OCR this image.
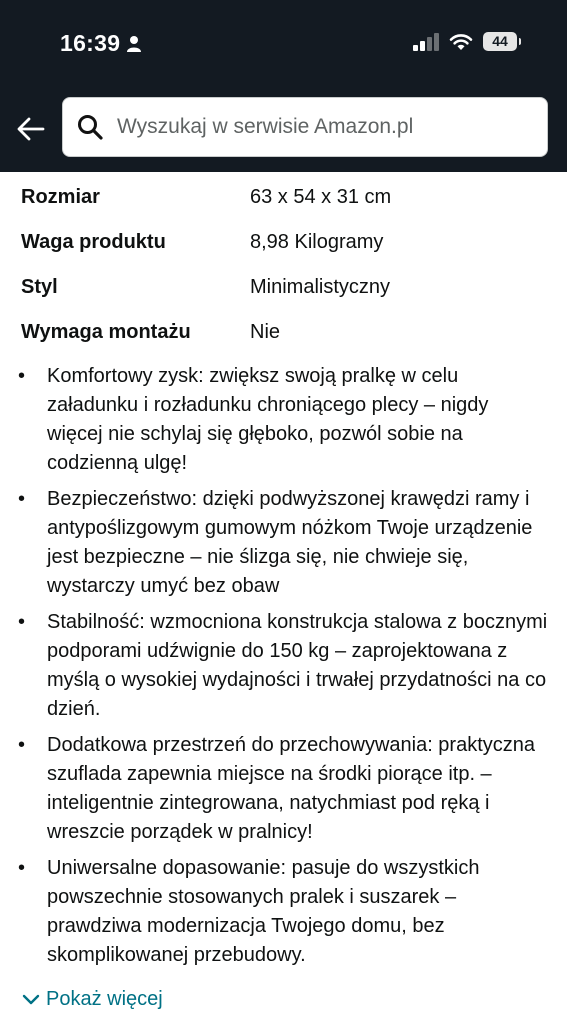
16:39	44
Wyszukaj w serwisie Amazon.pl
Rozmiar	63 x 54 x 31 cm
Waga produktu	8,98 Kilogramy
Styl	Minimalistyczny
Wymaga montażu	Nie
•	Komfortowy zysk: zwiększ swoją pralkę w celu załadunku i rozładunku chroniącego plecy – nigdy więcej nie schylaj się głęboko, pozwól sobie na codzienną ulgę!
•	Bezpieczeństwo: dzięki podwyższonej krawędzi ramy i antypoślizgowym gumowym nóżkom Twoje urządzenie jest bezpieczne – nie ślizga się, nie chwieje się, wystarczy umyć bez obaw
•	Stabilność: wzmocniona konstrukcja stalowa z bocznymi podporami udźwignie do 150 kg – zaprojektowana z myślą o wysokiej wydajności i trwałej przydatności na co dzień.
•	Dodatkowa przestrzeń do przechowywania: praktyczna szuflada zapewnia miejsce na środki piorące itp. – inteligentnie zintegrowana, natychmiast pod ręką i wreszcie porządek w pralnicy!
•	Uniwersalne dopasowanie: pasuje do wszystkich powszechnie stosowanych pralek i suszarek – prawdziwa modernizacja Twojego domu, bez skomplikowanej przebudowy.
Pokaż więcej
